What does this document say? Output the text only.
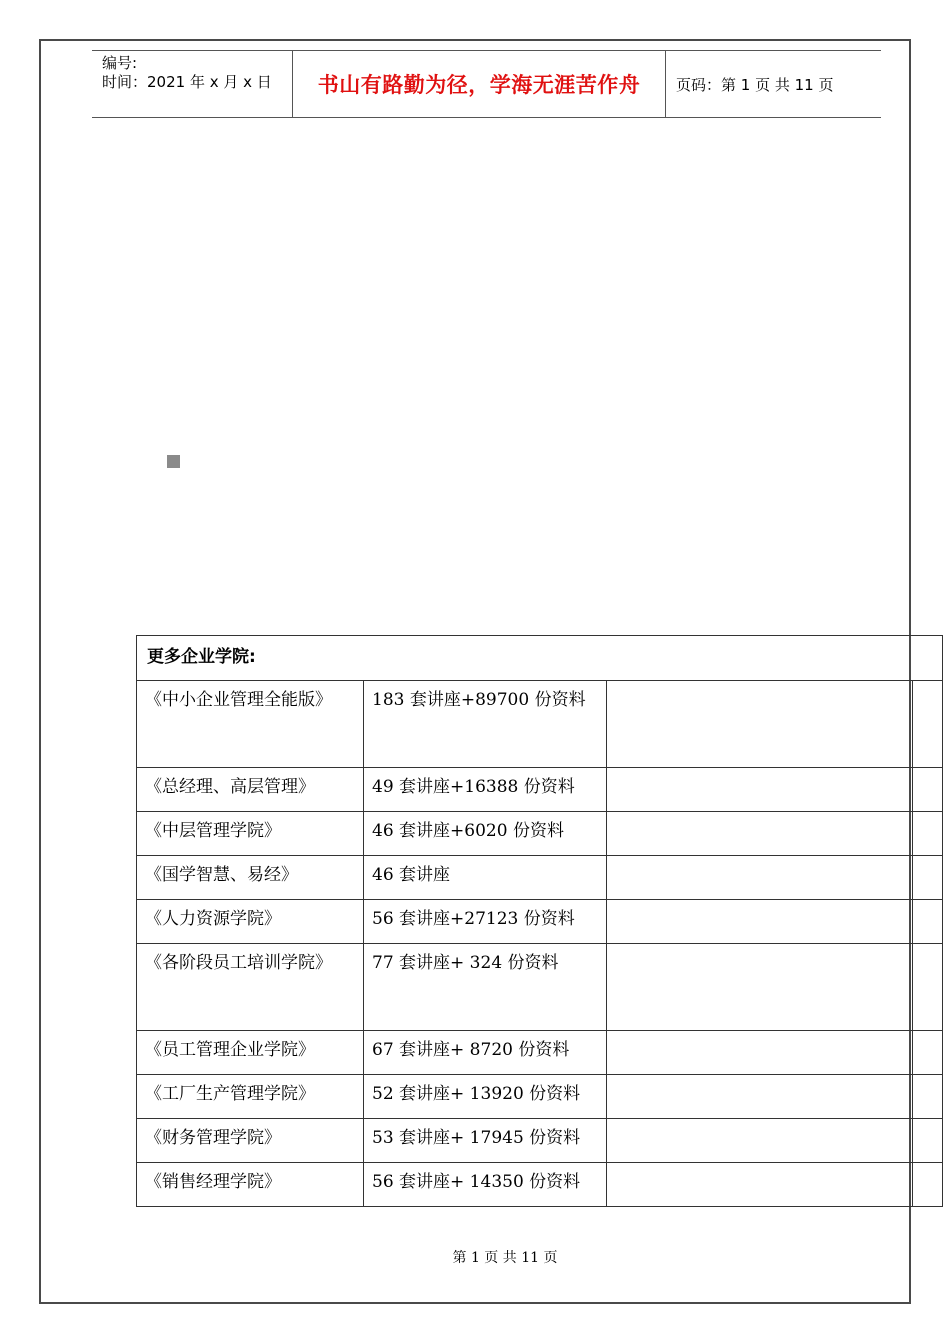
编号:
时间：2021 年 x 月 x 日	书山有路勤为径，学海无涯苦作舟	页码：第 1 页 共 11 页
更多企业学院:			

《中小企业管理全能版》	183 套讲座+89700 份资料		

《总经理、高层管理》	49 套讲座+16388 份资料		

《中层管理学院》	46 套讲座+6020 份资料		

《国学智慧、易经》	46 套讲座		

《人力资源学院》	56 套讲座+27123 份资料		

《各阶段员工培训学院》	77 套讲座+ 324 份资料		

《员工管理企业学院》	67 套讲座+ 8720 份资料		

《工厂生产管理学院》	52 套讲座+ 13920 份资料		

《财务管理学院》	53 套讲座+ 17945 份资料		

《销售经理学院》	56 套讲座+ 14350 份资料		
第 1 页 共 11 页
